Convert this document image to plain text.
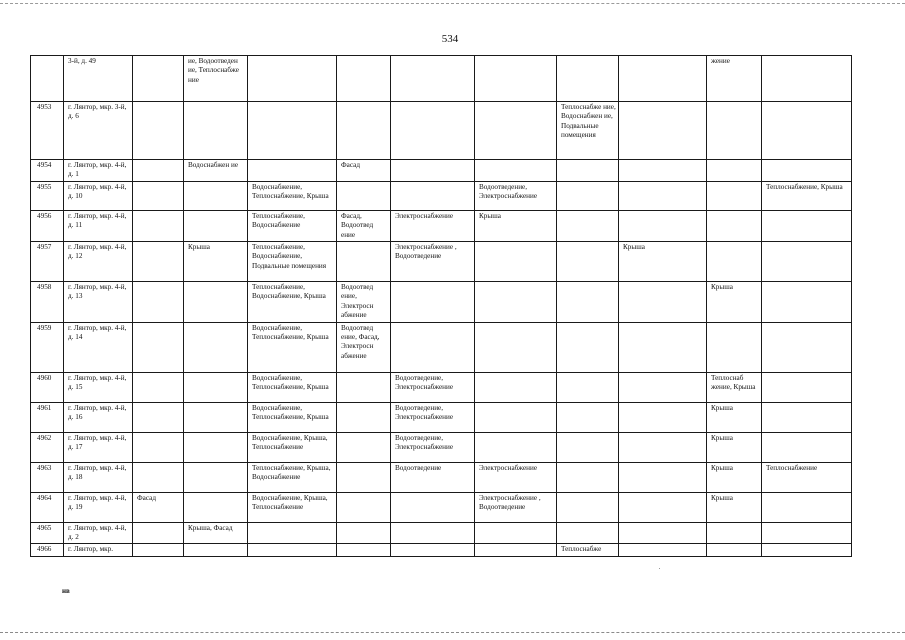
534
	3-й, д. 49		ие, Водоотведен ие, Теплоснабже ние							жение	
4953	г. Лянтор, мкр. 3-й, д. 6							Теплоснабже ние, Водоснабжен ие, Подвальные помещения			
4954	г. Лянтор, мкр. 4-й, д. 1		Водоснабжен ие		Фасад						
4955	г. Лянтор, мкр. 4-й, д. 10			Водоснабжение, Теплоснабжение, Крыша			Водоотведение, Электроснабжение				Теплоснабжение, Крыша
4956	г. Лянтор, мкр. 4-й, д. 11			Теплоснабжение, Водоснабжение	Фасад, Водоотвед ение	Электроснабжение	Крыша				
4957	г. Лянтор, мкр. 4-й, д. 12		Крыша	Теплоснабжение, Водоснабжение, Подвальные помещения		Электроснабжение , Водоотведение			Крыша		
4958	г. Лянтор, мкр. 4-й, д. 13			Теплоснабжение, Водоснабжение, Крыша	Водоотвед ение, Электросн абжение					Крыша	
4959	г. Лянтор, мкр. 4-й, д. 14			Водоснабжение, Теплоснабжение, Крыша	Водоотвед ение, Фасад, Электросн абжение						
4960	г. Лянтор, мкр. 4-й, д. 15			Водоснабжение, Теплоснабжение, Крыша		Водоотведение, Электроснабжение				Теплоснаб жение, Крыша	
4961	г. Лянтор, мкр. 4-й, д. 16			Водоснабжение, Теплоснабжение, Крыша		Водоотведение, Электроснабжение				Крыша	
4962	г. Лянтор, мкр. 4-й, д. 17			Водоснабжение, Крыша, Теплоснабжение		Водоотведение, Электроснабжение				Крыша	
4963	г. Лянтор, мкр. 4-й, д. 18			Теплоснабжение, Крыша, Водоснабжение		Водоотведение	Электроснабжение			Крыша	Теплоснабжение
4964	г. Лянтор, мкр. 4-й, д. 19	Фасад		Водоснабжение, Крыша, Теплоснабжение			Электроснабжение , Водоотведение			Крыша	
4965	г. Лянтор, мкр. 4-й, д. 2		Крыша, Фасад								
4966	г. Лянтор, мкр.							Теплоснабже			
нв
